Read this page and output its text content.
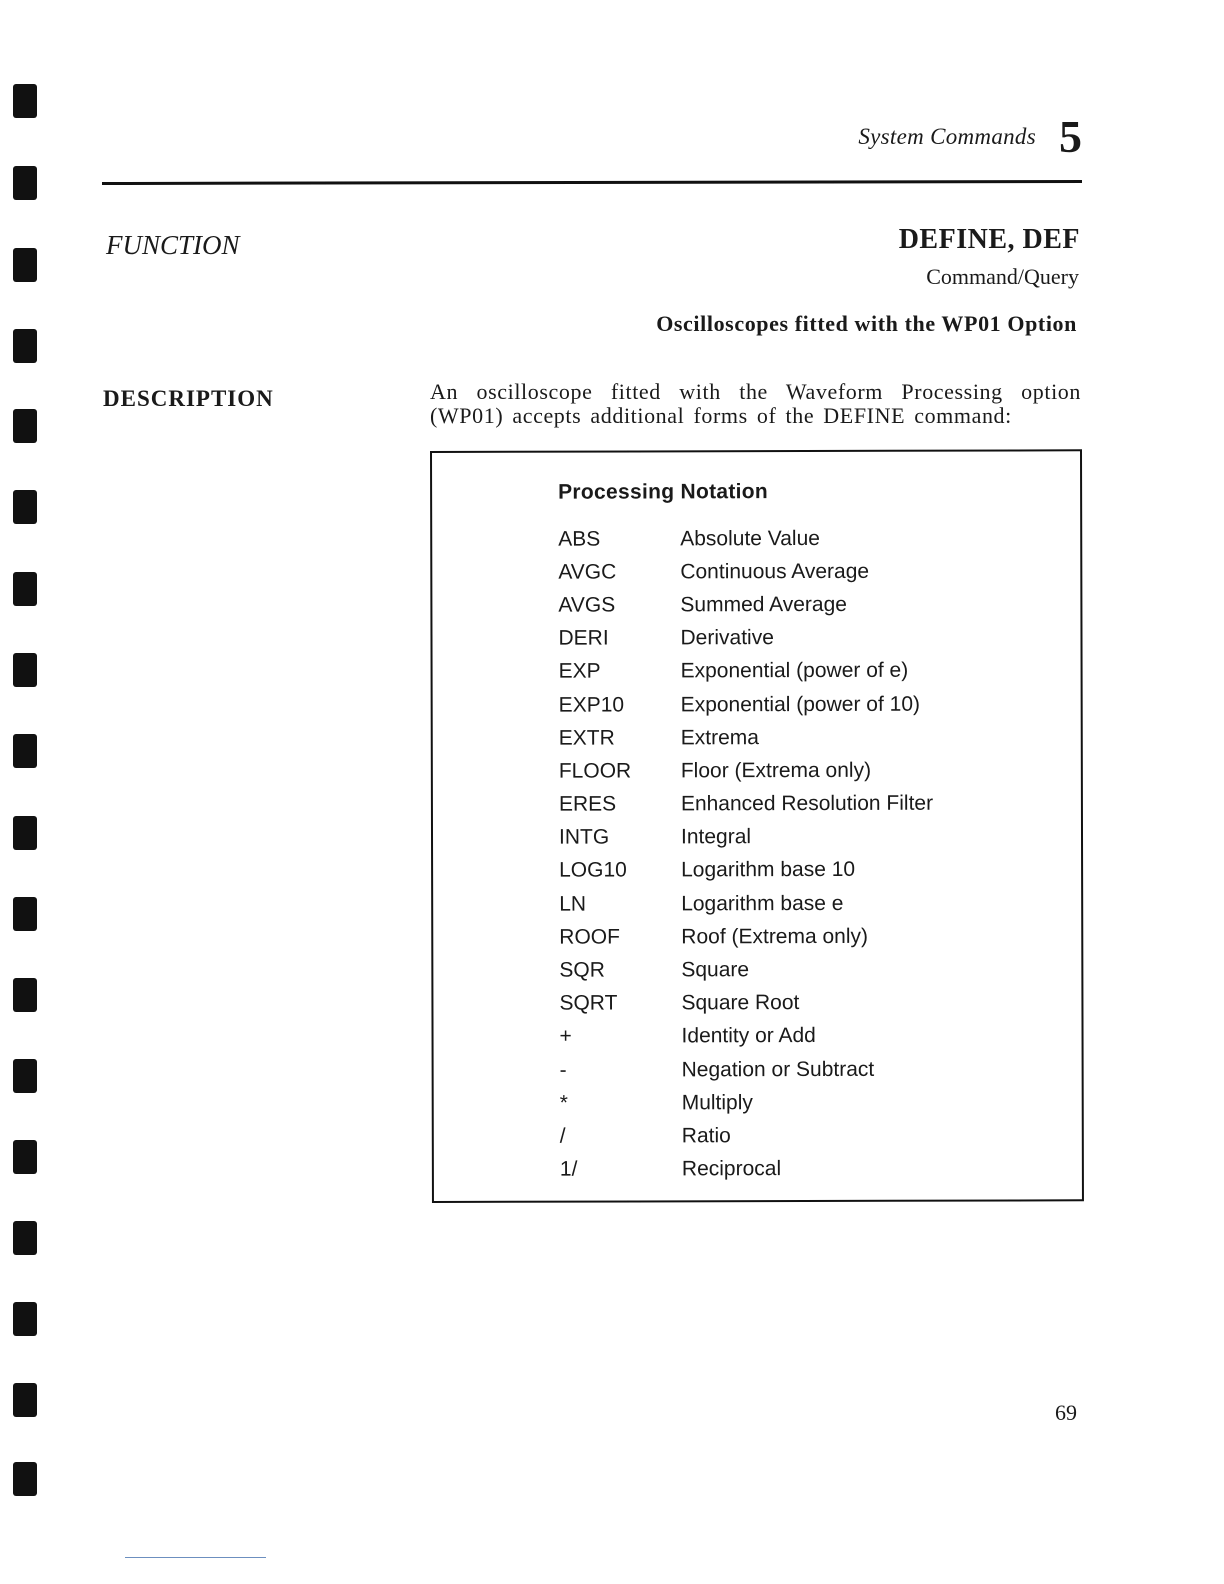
System Commands 5
FUNCTION	DEFINE, DEF
Command/Query
Oscilloscopes fitted with the WP01 Option
DESCRIPTION	An oscilloscope fitted with the Waveform Processing option (WP01) accepts additional forms of the DEFINE command:
Processing Notation
ABS	Absolute Value
AVGC	Continuous Average
AVGS	Summed Average
DERI	Derivative
EXP	Exponential (power of e)
EXP10	Exponential (power of 10)
EXTR	Extrema
FLOOR	Floor (Extrema only)
ERES	Enhanced Resolution Filter
INTG	Integral
LOG10	Logarithm base 10
LN	Logarithm base e
ROOF	Roof (Extrema only)
SQR	Square
SQRT	Square Root
+	Identity or Add
-	Negation or Subtract
*	Multiply
/	Ratio
1/	Reciprocal
69
